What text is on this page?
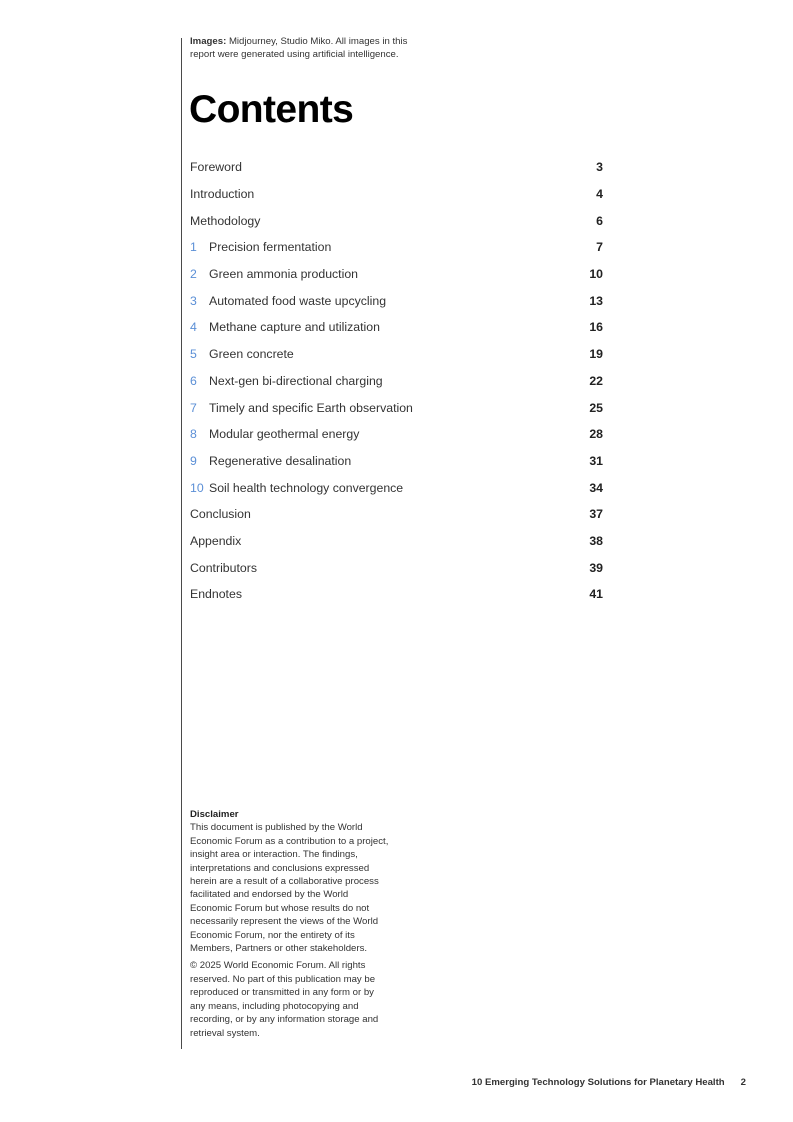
Images: Midjourney, Studio Miko. All images in this report were generated using artificial intelligence.
Contents
Foreword	3
Introduction	4
Methodology	6
1 Precision fermentation	7
2 Green ammonia production	10
3 Automated food waste upcycling	13
4 Methane capture and utilization	16
5 Green concrete	19
6 Next-gen bi-directional charging	22
7 Timely and specific Earth observation	25
8 Modular geothermal energy	28
9 Regenerative desalination	31
10 Soil health technology convergence	34
Conclusion	37
Appendix	38
Contributors	39
Endnotes	41

Disclaimer

This document is published by the World Economic Forum as a contribution to a project, insight area or interaction. The findings, interpretations and conclusions expressed herein are a result of a collaborative process facilitated and endorsed by the World Economic Forum but whose results do not necessarily represent the views of the World Economic Forum, nor the entirety of its Members, Partners or other stakeholders.

© 2025 World Economic Forum. All rights reserved. No part of this publication may be reproduced or transmitted in any form or by any means, including photocopying and recording, or by any information storage and retrieval system.

10 Emerging Technology Solutions for Planetary Health 2
